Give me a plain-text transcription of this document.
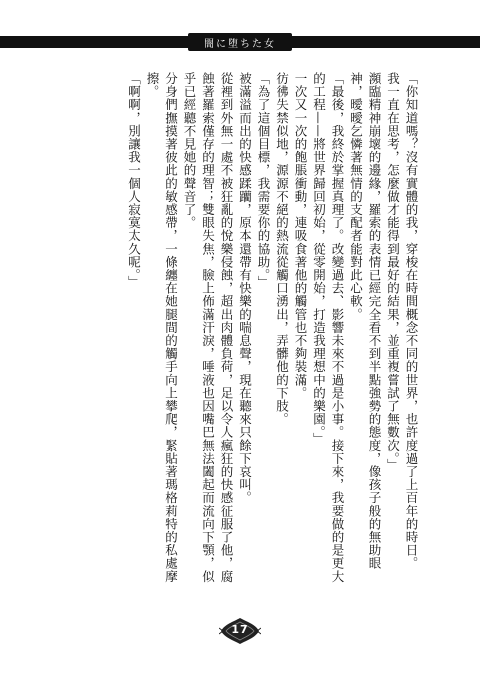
闇に堕ちた女

「你知道嗎？沒有實體的我，穿梭在時間概念不同的世界，也許度過了上百年的時日。

我一直在思考，怎麼做才能得到最好的結果，並重複嘗試了無數次。」

瀕臨精神崩壞的邊緣，羅索的表情已經完全看不到半點強勢的態度，像孩子般的無助眼神，曖曖乞憐著無情的支配者能對此心軟。

「最後，我終於掌握真理了。改變過去、影響未來不過是小事。接下來，我要做的是更大的工程——將世界歸回初始，從零開始，打造我理想中的樂園。」

一次又一次的飽脹衝動，連吸食著他的觸管也不夠裝滿。

彷彿失禁似地，源源不絕的熱流從觸口湧出，弄髒他的下肢。

「為了這個目標，我需要你的協助。」

被滿溢而出的快感蹂躪，原本還帶有快樂的喘息聲，現在聽來只餘下哀叫。

從裡到外無一處不被狂亂的悅樂侵蝕，超出肉體負荷，足以令人瘋狂的快感征服了他，腐蝕著羅索僅存的理智；雙眼失焦，臉上佈滿汗淚，唾液也因嘴巴無法闔起而流向下顎，似乎已經聽不見她的聲音了。

分身們撫摸著彼此的敏感帶，一條纏在她腿間的觸手向上攀爬，緊貼著瑪格莉特的私處摩擦。

「啊啊，別讓我一個人寂寞太久呢。」

17
